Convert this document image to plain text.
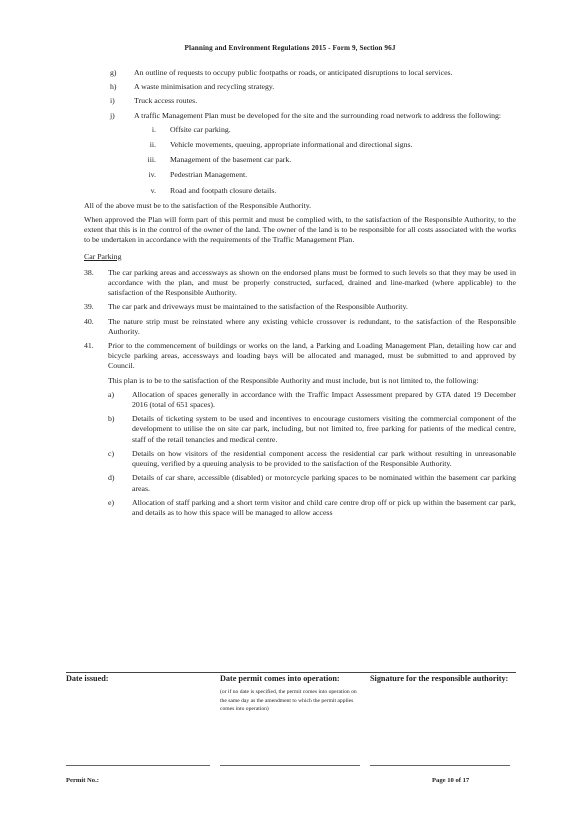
Planning and Environment Regulations 2015 - Form 9, Section 96J
g)	An outline of requests to occupy public footpaths or roads, or anticipated disruptions to local services.
h)	A waste minimisation and recycling strategy.
i)	Truck access routes.
j)	A traffic Management Plan must be developed for the site and the surrounding road network to address the following:
i.	Offsite car parking.
ii.	Vehicle movements, queuing, appropriate informational and directional signs.
iii.	Management of the basement car park.
iv.	Pedestrian Management.
v.	Road and footpath closure details.
All of the above must be to the satisfaction of the Responsible Authority.
When approved the Plan will form part of this permit and must be complied with, to the satisfaction of the Responsible Authority, to the extent that this is in the control of the owner of the land. The owner of the land is to be responsible for all costs associated with the works to be undertaken in accordance with the requirements of the Traffic Management Plan.
Car Parking
38.	The car parking areas and accessways as shown on the endorsed plans must be formed to such levels so that they may be used in accordance with the plan, and must be properly constructed, surfaced, drained and line-marked (where applicable) to the satisfaction of the Responsible Authority.
39.	The car park and driveways must be maintained to the satisfaction of the Responsible Authority.
40.	The nature strip must be reinstated where any existing vehicle crossover is redundant, to the satisfaction of the Responsible Authority.
41.	Prior to the commencement of buildings or works on the land, a Parking and Loading Management Plan, detailing how car and bicycle parking areas, accessways and loading bays will be allocated and managed, must be submitted to and approved by Council.
This plan is to be to the satisfaction of the Responsible Authority and must include, but is not limited to, the following:
a)	Allocation of spaces generally in accordance with the Traffic Impact Assessment prepared by GTA dated 19 December 2016 (total of 651 spaces).
b)	Details of ticketing system to be used and incentives to encourage customers visiting the commercial component of the development to utilise the on site car park, including, but not limited to, free parking for patients of the medical centre, staff of the retail tenancies and medical centre.
c)	Details on how visitors of the residential component access the residential car park without resulting in unreasonable queuing, verified by a queuing analysis to be provided to the satisfaction of the Responsible Authority.
d)	Details of car share, accessible (disabled) or motorcycle parking spaces to be nominated within the basement car parking areas.
e)	Allocation of staff parking and a short term visitor and child care centre drop off or pick up within the basement car park, and details as to how this space will be managed to allow access
Date issued:	Date permit comes into operation:
(or if no date is specified, the permit comes into operation on the same day as the amendment to which the permit applies comes into operation)
Signature for the responsible authority:
Permit No.:	Page 10 of 17
